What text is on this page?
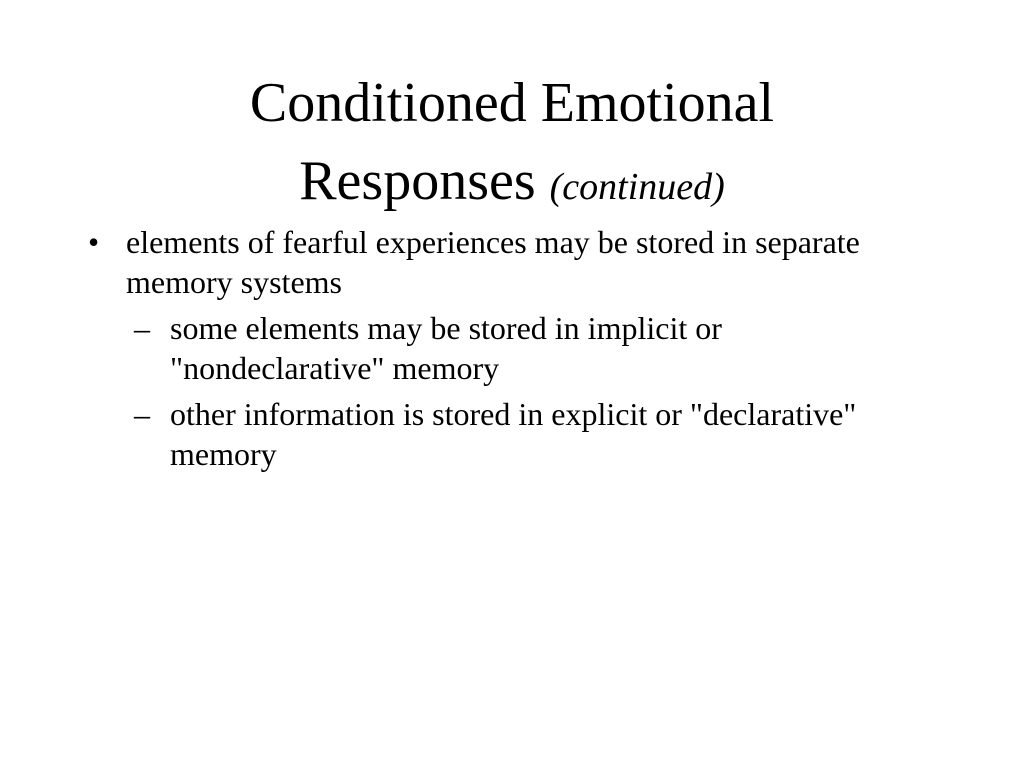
Conditioned Emotional
Responses (continued)
• elements of fearful experiences may be stored in separate memory systems
– some elements may be stored in implicit or "nondeclarative" memory
– other information is stored in explicit or "declarative" memory
